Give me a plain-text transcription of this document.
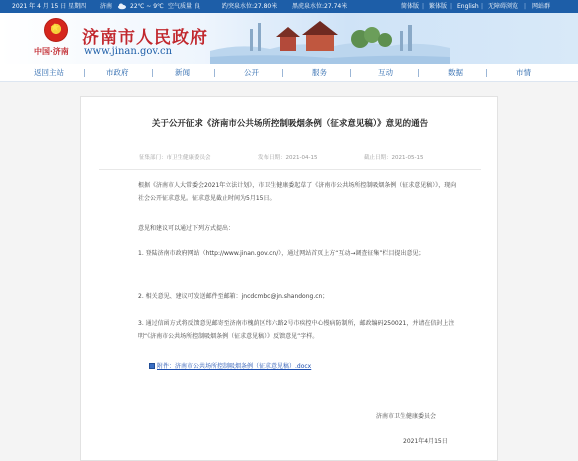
2021 年 4 月 15 日 星期四 济南	22℃ ~ 9℃ 空气质量 良	趵突泉水位:27.80米 黑虎泉水位:27.74米	简体版 | 繁体版 | English | 无障碍浏览 | 网站群
★
中国·济南
济南市人民政府
www.jinan.gov.cn
返回主站	市政府	新闻	公开	服务	互动	数据	市情
关于公开征求《济南市公共场所控制吸烟条例（征求意见稿）》意见的通告
征集部门：市卫生健康委员会	发布日期：2021-04-15	截止日期：2021-05-15
根据《济南市人大常委会2021年立法计划》，市卫生健康委起草了《济南市公共场所控制吸烟条例（征求意见稿）》，现向社会公开征求意见。征求意见截止时间为5月15日。
意见和建议可以通过下列方式提出：
1. 登陆济南市政府网站（http://www.jinan.gov.cn/），通过网站首页上方“互动→调查征集”栏目提出意见；
2. 相关意见、建议可发送邮件至邮箱：jncdcmbc@jn.shandong.cn；
3. 通过信函方式将反馈意见邮寄至济南市槐荫区纬六路2号市疾控中心慢病防制所，邮政编码250021，并请在信封上注明“《济南市公共场所控制吸烟条例（征求意见稿）》反馈意见”字样。
附件：济南市公共场所控制吸烟条例（征求意见稿）.docx
济南市卫生健康委员会
2021年4月15日
